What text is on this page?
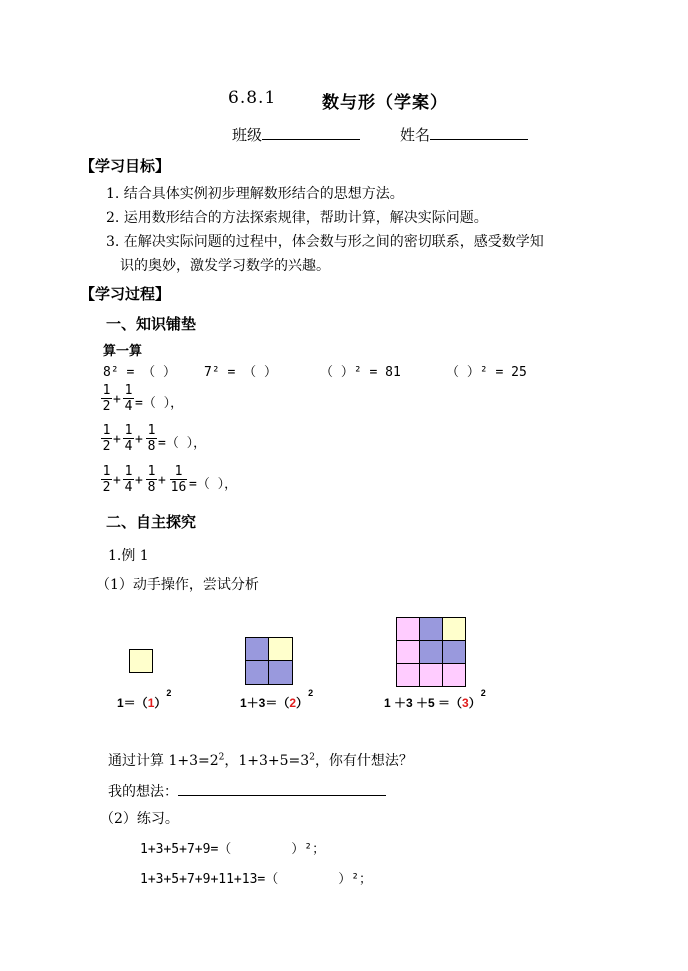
6.8.1	数与形（学案）
班级	姓名
【学习目标】
1. 结合具体实例初步理解数形结合的思想方法。
2. 运用数形结合的方法探索规律，帮助计算，解决实际问题。
3. 在解决实际问题的过程中，体会数与形之间的密切联系，感受数学知
识的奥妙，激发学习数学的兴趣。
【学习过程】
一、知识铺垫
算一算
8² = （ ） 7² = （ ）	（ ）² = 81	（ ）² = 25
$\frac{1}{2} + \frac{1}{4}$ =（ ），
$\frac{1}{2} + \frac{1}{4} + \frac{1}{8}$ =（ ），
$\frac{1}{2} + \frac{1}{4} + \frac{1}{8} + \frac{1}{16}$ =（ ），
二、自主探究
1.例 1
（1）动手操作，尝试分析
$1=(1)^2$
$1+3=(2)^2$
$1 +3 +5 =(3)^2$
通过计算 $1+3=2^2$，$1+3+5=3^2$，你有什想法？
我的想法：
（2）练习。
1+3+5+7+9=（	）²；
1+3+5+7+9+11+13=（	）²；
